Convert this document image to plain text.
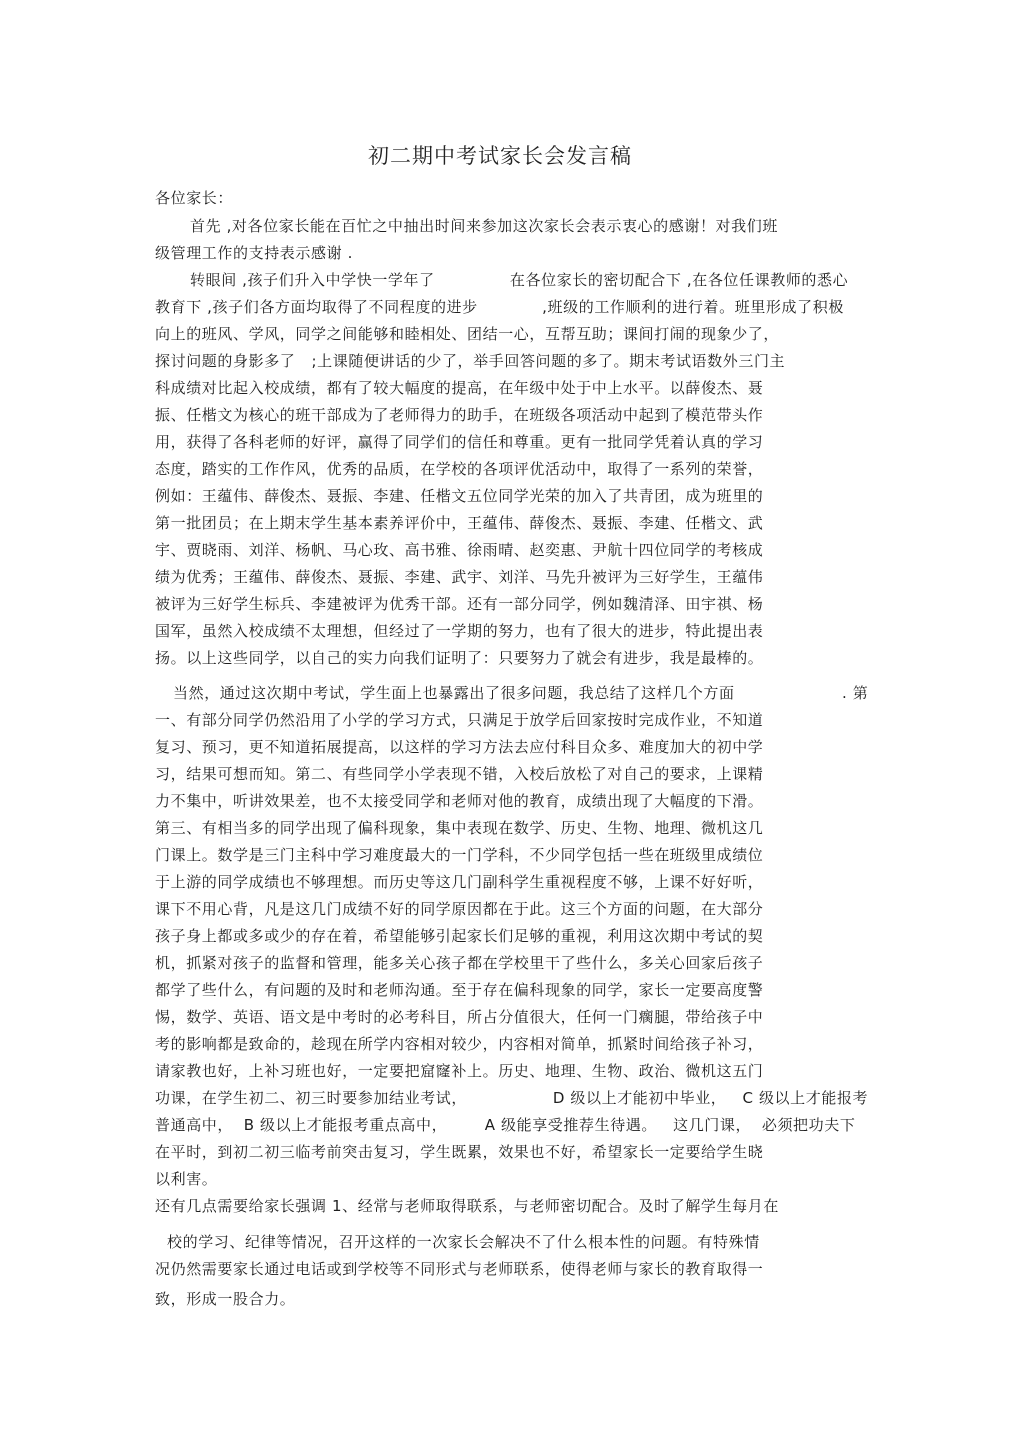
初二期中考试家长会发言稿
各位家长：
首先 ,对各位家长能在百忙之中抽出时间来参加这次家长会表示衷心的感谢！对我们班
级管理工作的支持表示感谢 .
转眼间 ,孩子们升入中学快一学年了              在各位家长的密切配合下 ,在各位任课教师的悉心
教育下 ,孩子们各方面均取得了不同程度的进步            ,班级的工作顺利的进行着。班里形成了积极
向上的班风、学风，同学之间能够和睦相处、团结一心，互帮互助；课间打闹的现象少了，
探讨问题的身影多了   ;上课随便讲话的少了，举手回答问题的多了。期末考试语数外三门主
科成绩对比起入校成绩，都有了较大幅度的提高，在年级中处于中上水平。以薛俊杰、聂
振、任楷文为核心的班干部成为了老师得力的助手，在班级各项活动中起到了模范带头作
用，获得了各科老师的好评，赢得了同学们的信任和尊重。更有一批同学凭着认真的学习
态度，踏实的工作作风，优秀的品质，在学校的各项评优活动中，取得了一系列的荣誉，
例如：王蕴伟、薛俊杰、聂振、李建、任楷文五位同学光荣的加入了共青团，成为班里的
第一批团员；在上期末学生基本素养评价中，王蕴伟、薛俊杰、聂振、李建、任楷文、武
宇、贾晓雨、刘洋、杨帆、马心玫、高书雅、徐雨晴、赵奕惠、尹航十四位同学的考核成
绩为优秀；王蕴伟、薛俊杰、聂振、李建、武宇、刘洋、马先升被评为三好学生，王蕴伟
被评为三好学生标兵、李建被评为优秀干部。还有一部分同学，例如魏清泽、田宇祺、杨
国军，虽然入校成绩不太理想，但经过了一学期的努力，也有了很大的进步，特此提出表
扬。以上这些同学，以自己的实力向我们证明了：只要努力了就会有进步，我是最棒的。
当然，通过这次期中考试，学生面上也暴露出了很多问题，我总结了这样几个方面                    . 第
一、有部分同学仍然沿用了小学的学习方式，只满足于放学后回家按时完成作业，不知道
复习、预习，更不知道拓展提高，以这样的学习方法去应付科目众多、难度加大的初中学
习，结果可想而知。第二、有些同学小学表现不错，入校后放松了对自己的要求，上课精
力不集中，听讲效果差，也不太接受同学和老师对他的教育，成绩出现了大幅度的下滑。
第三、有相当多的同学出现了偏科现象，集中表现在数学、历史、生物、地理、微机这几
门课上。数学是三门主科中学习难度最大的一门学科，不少同学包括一些在班级里成绩位
于上游的同学成绩也不够理想。而历史等这几门副科学生重视程度不够，上课不好好听，
课下不用心背，凡是这几门成绩不好的同学原因都在于此。这三个方面的问题，在大部分
孩子身上都或多或少的存在着，希望能够引起家长们足够的重视，利用这次期中考试的契
机，抓紧对孩子的监督和管理，能多关心孩子都在学校里干了些什么，多关心回家后孩子
都学了些什么，有问题的及时和老师沟通。至于存在偏科现象的同学，家长一定要高度警
惕，数学、英语、语文是中考时的必考科目，所占分值很大，任何一门瘸腿，带给孩子中
考的影响都是致命的，趁现在所学内容相对较少，内容相对简单，抓紧时间给孩子补习，
请家教也好，上补习班也好，一定要把窟窿补上。历史、地理、生物、政治、微机这五门
功课，在学生初二、初三时要参加结业考试，                D 级以上才能初中毕业，   C 级以上才能报考
普通高中，  B 级以上才能报考重点高中，       A 级能享受推荐生待遇。   这几门课，  必须把功夫下
在平时，到初二初三临考前突击复习，学生既累，效果也不好，希望家长一定要给学生晓
以利害。
还有几点需要给家长强调 1、经常与老师取得联系，与老师密切配合。及时了解学生每月在
校的学习、纪律等情况，召开这样的一次家长会解决不了什么根本性的问题。有特殊情
况仍然需要家长通过电话或到学校等不同形式与老师联系，使得老师与家长的教育取得一
致，形成一股合力。
